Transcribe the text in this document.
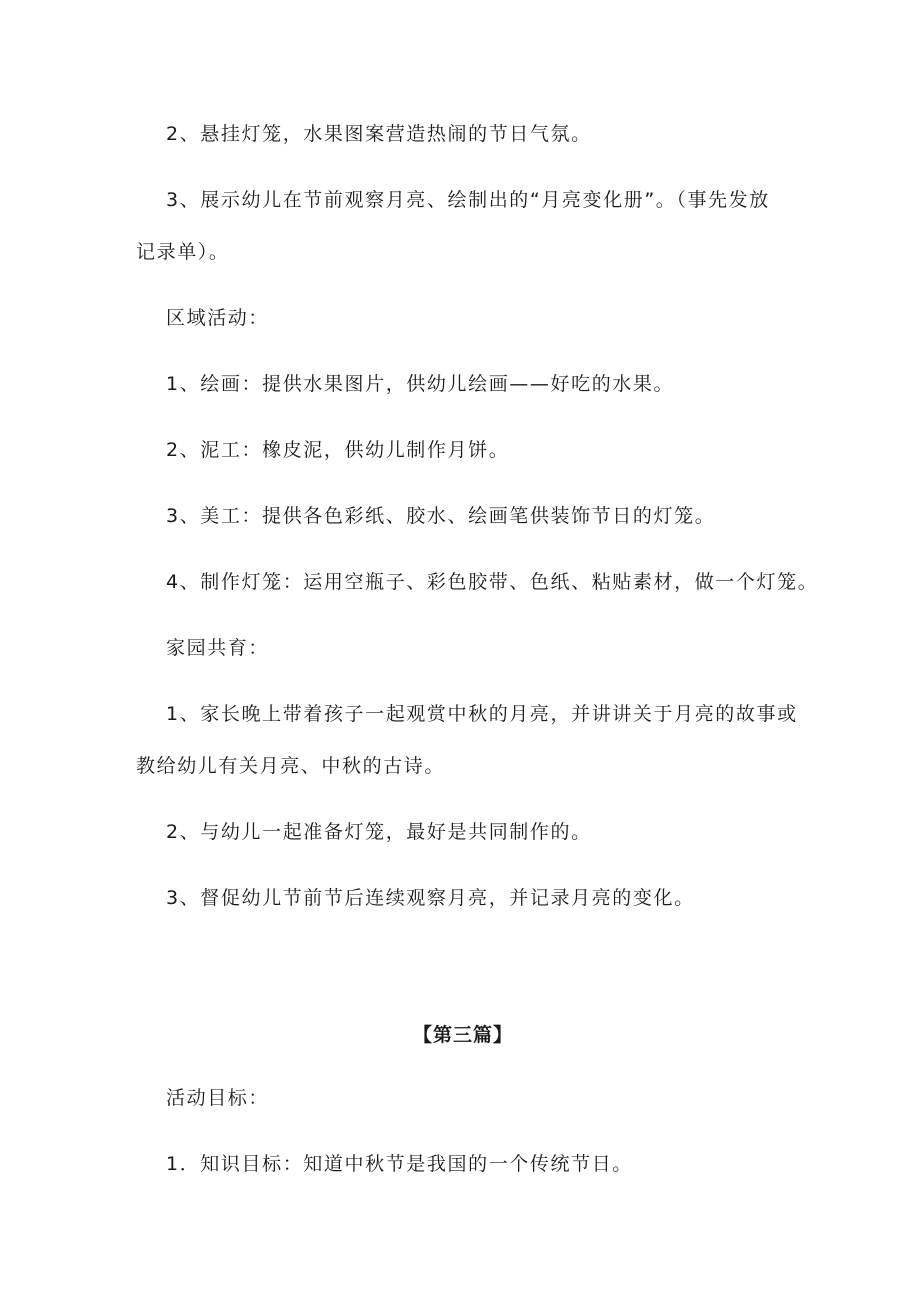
2、悬挂灯笼，水果图案营造热闹的节日气氛。
3、展示幼儿在节前观察月亮、绘制出的“月亮变化册”。（事先发放
记录单）。
区域活动：
1、绘画：提供水果图片，供幼儿绘画——好吃的水果。
2、泥工：橡皮泥，供幼儿制作月饼。
3、美工：提供各色彩纸、胶水、绘画笔供装饰节日的灯笼。
4、制作灯笼：运用空瓶子、彩色胶带、色纸、粘贴素材，做一个灯笼。
家园共育：
1、家长晚上带着孩子一起观赏中秋的月亮，并讲讲关于月亮的故事或
教给幼儿有关月亮、中秋的古诗。
2、与幼儿一起准备灯笼，最好是共同制作的。
3、督促幼儿节前节后连续观察月亮，并记录月亮的变化。
【第三篇】
活动目标：
1．知识目标：知道中秋节是我国的一个传统节日。
